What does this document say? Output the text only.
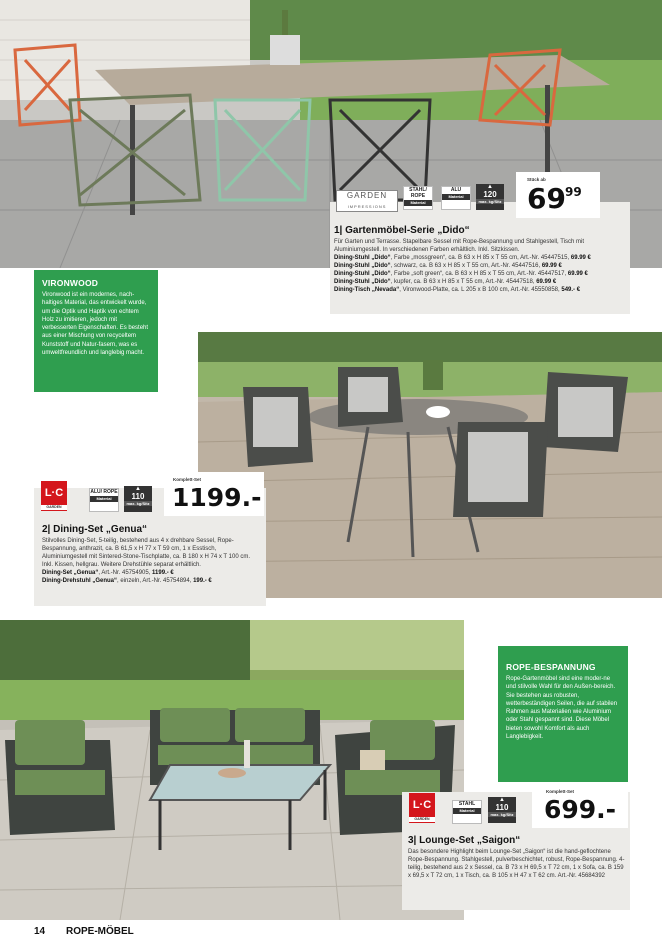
GARDEN
IMPRESSIONS
STAHL/ ROPE
Material
ALU

Material
▲
120
max. kg/Sitz
Stück ab
69 99
1| Gartenmöbel-Serie „Dido“
Für Garten und Terrasse. Stapelbare Sessel mit Rope-Bespannung und Stahlgestell, Tisch mit Aluminiumgestell. In verschiedenen Farben erhältlich. Inkl. Sitzkissen.
Dining-Stuhl „Dido“, Farbe „mossgreen“, ca. B 63 x H 85 x T 55 cm, Art.-Nr. 45447515, 69.99 €
Dining-Stuhl „Dido“, schwarz, ca. B 63 x H 85 x T 55 cm, Art.-Nr. 45447516, 69.99 €
Dining-Stuhl „Dido“, Farbe „soft green“, ca. B 63 x H 85 x T 55 cm, Art.-Nr. 45447517, 69.99 €
Dining-Stuhl „Dido“, kupfer, ca. B 63 x H 85 x T 55 cm, Art.-Nr. 45447518, 69.99 €
Dining-Tisch „Nevada“, Vironwood-Platte, ca. L 205 x B 100 cm, Art.-Nr. 45550858, 549.- €
VIRONWOOD

Vironwood ist ein modernes, nach-haltiges Material, das entwickelt wurde, um die Optik und Haptik von echtem Holz zu imitieren, jedoch mit verbesserten Eigenschaften. Es besteht aus einer Mischung von recyceltem Kunststoff und Natur-fasern, was es umweltfreundlich und langlebig macht.

L·C
GARDEN
ALU/ ROPE
Material
▲
110
max. kg/Sitz
Komplett-Set
1199.-
2| Dining-Set „Genua“
Stilvolles Dining-Set, 5-teilig, bestehend aus 4 x drehbare Sessel, Rope-Bespannung, anthrazit, ca. B 61,5 x H 77 x T 59 cm, 1 x Esstisch, Aluminiumgestell mit Sintered-Stone-Tischplatte, ca. B 180 x H 74 x T 100 cm. Inkl. Kissen, hellgrau. Weitere Drehstühle separat erhältlich.
Dining-Set „Genua“, Art.-Nr. 45754905, 1199.- €
Dining-Drehstuhl „Genua“, einzeln, Art.-Nr. 45754894, 199.- €
ROPE-BESPANNUNG

Rope-Gartenmöbel sind eine moder-ne und stilvolle Wahl für den Außen-bereich. Sie bestehen aus robusten, wetterbeständigen Seilen, die auf stabilen Rahmen aus Materialien wie Aluminium oder Stahl gespannt sind. Diese Möbel bieten sowohl Komfort als auch Langlebigkeit.

L·C
GARDEN
STAHL

Material
▲
110
max. kg/Sitz
Komplett-Set
699.-
3| Lounge-Set „Saigon“
Das besondere Highlight beim Lounge-Set „Saigon“ ist die hand-geflochtene Rope-Bespannung. Stahlgestell, pulverbeschichtet, robust, Rope-Bespannung. 4-teilig, bestehend aus 2 x Sessel, ca. B 73 x H 69,5 x T 72 cm, 1 x Sofa, ca. B 159 x 69,5 x T 72 cm, 1 x Tisch, ca. B 105 x H 47 x T 62 cm. Art.-Nr. 45684392
14 ROPE-MÖBEL
